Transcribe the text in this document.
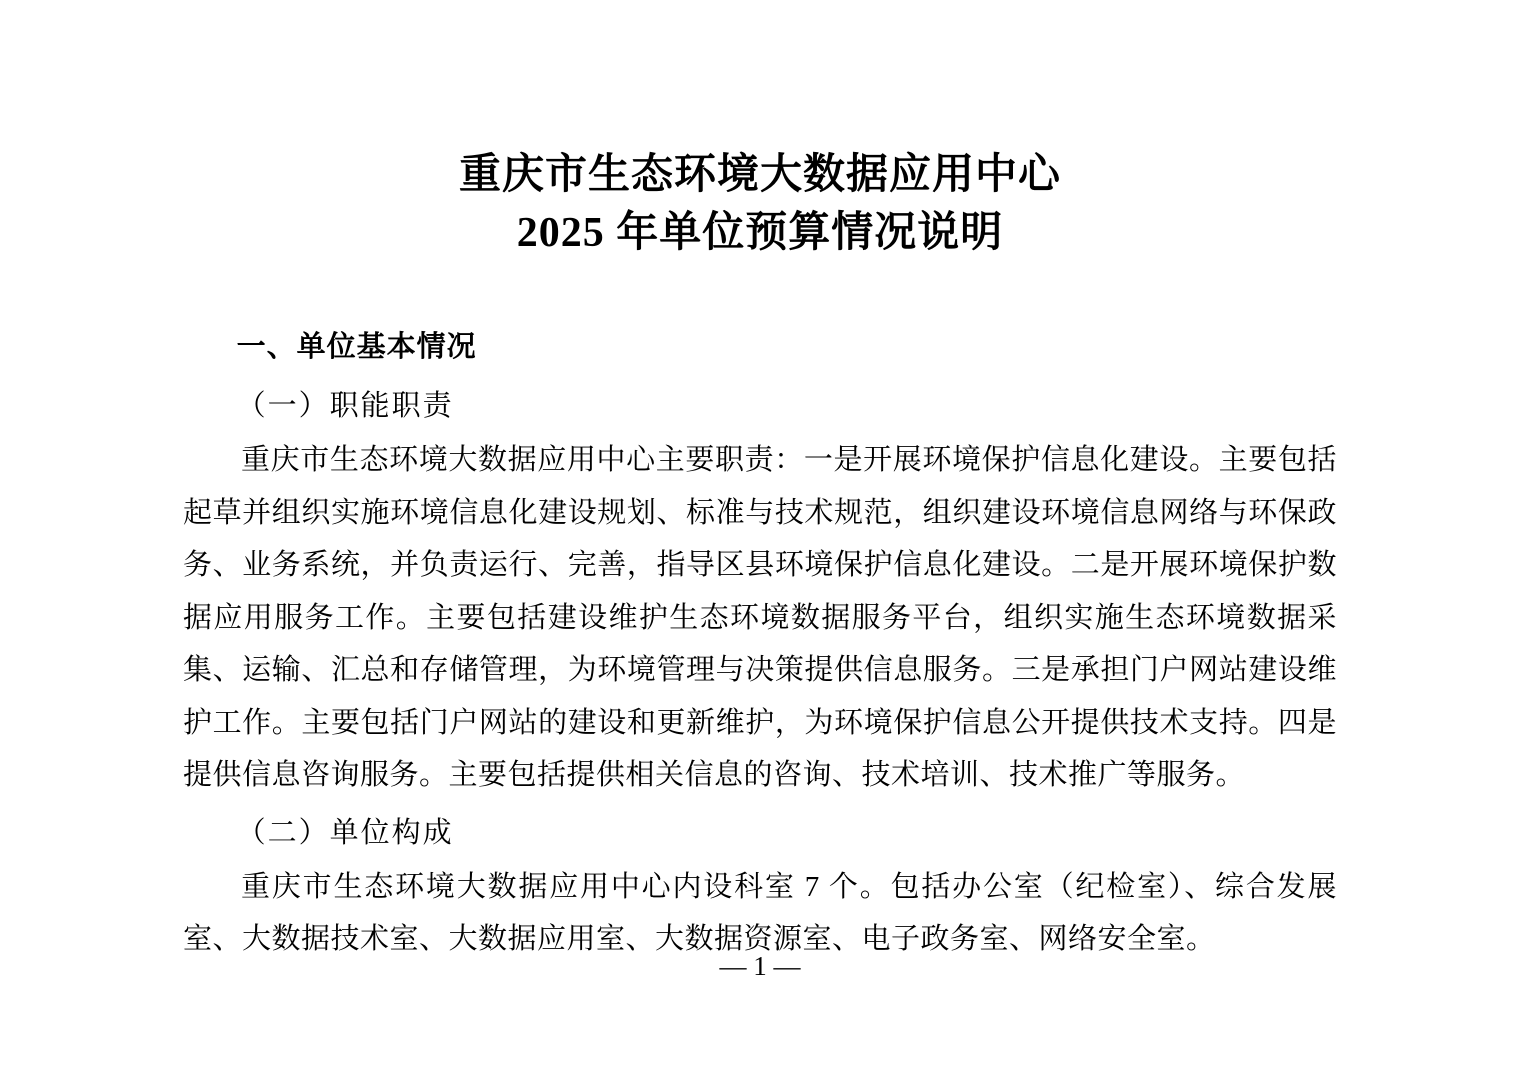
重庆市生态环境大数据应用中心
2025 年单位预算情况说明
一、单位基本情况
（一）职能职责

重庆市生态环境大数据应用中心主要职责：一是开展环境保护信息化建设。主要包括起草并组织实施环境信息化建设规划、标准与技术规范，组织建设环境信息网络与环保政务、业务系统，并负责运行、完善，指导区县环境保护信息化建设。二是开展环境保护数据应用服务工作。主要包括建设维护生态环境数据服务平台，组织实施生态环境数据采集、运输、汇总和存储管理，为环境管理与决策提供信息服务。三是承担门户网站建设维护工作。主要包括门户网站的建设和更新维护，为环境保护信息公开提供技术支持。四是提供信息咨询服务。主要包括提供相关信息的咨询、技术培训、技术推广等服务。

（二）单位构成

重庆市生态环境大数据应用中心内设科室 7 个。包括办公室（纪检室）、综合发展室、大数据技术室、大数据应用室、大数据资源室、电子政务室、网络安全室。

— 1 —
